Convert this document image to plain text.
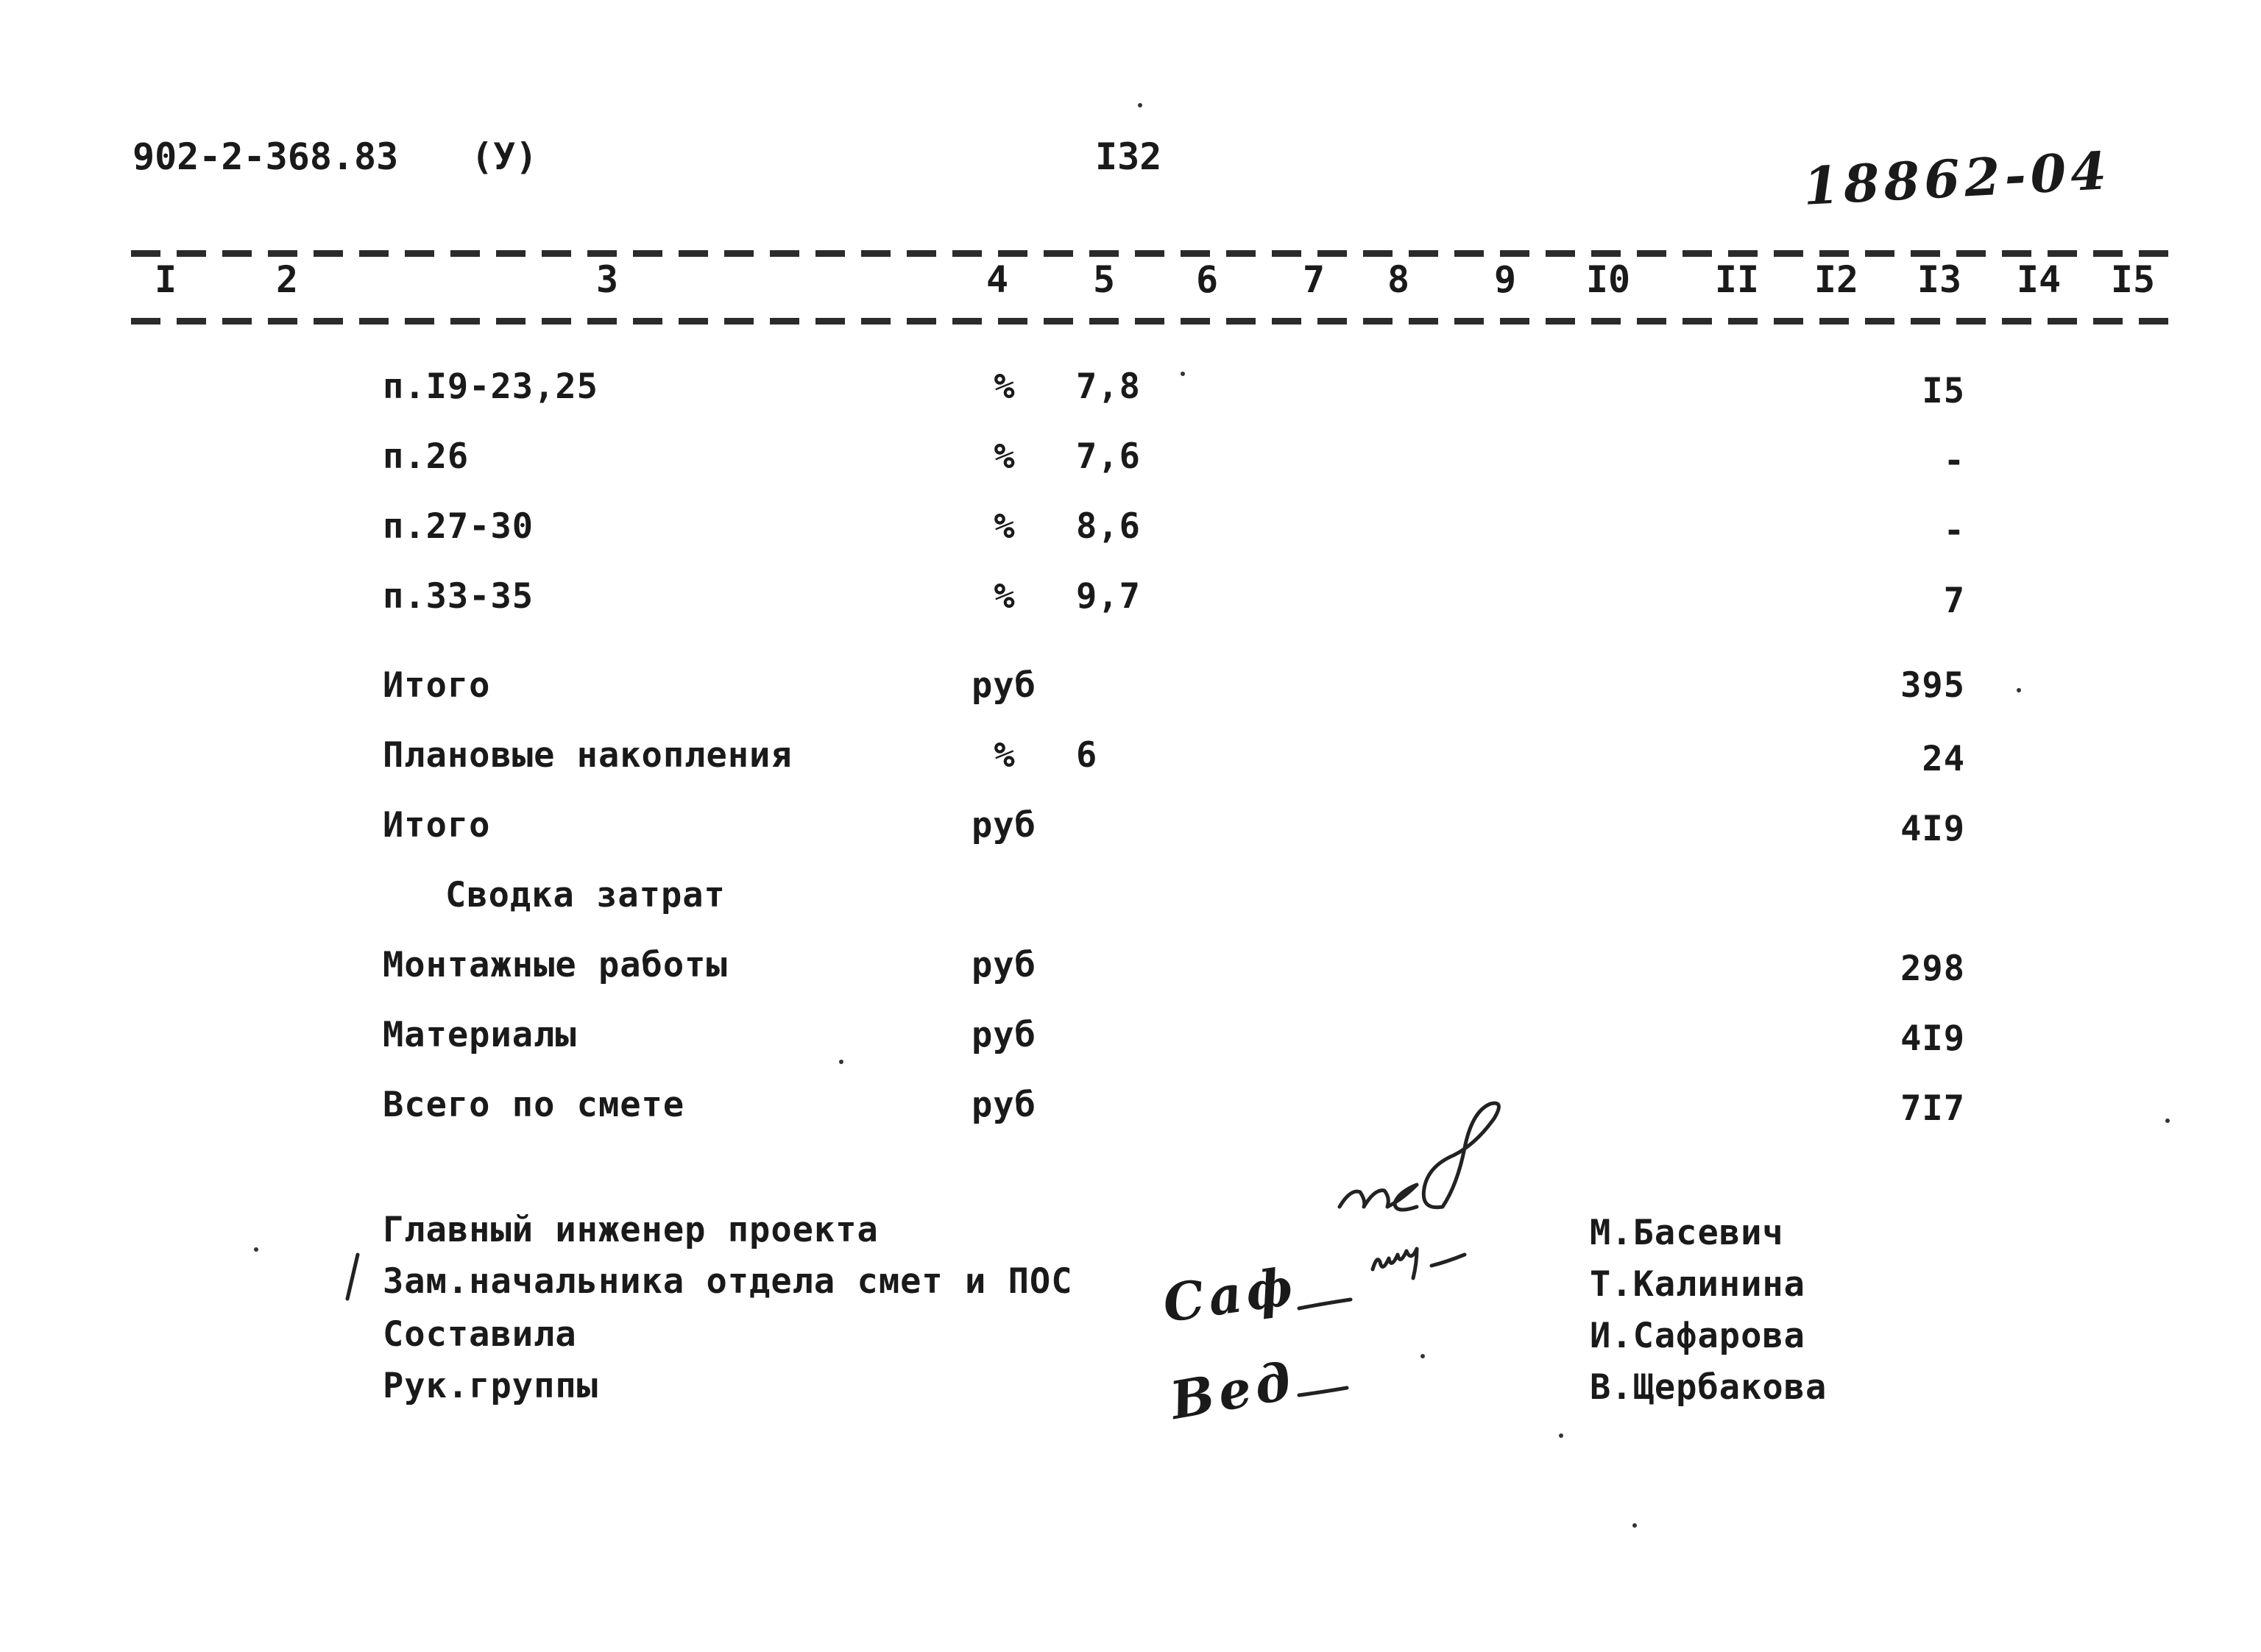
902-2-368.83 (У)	I32	18862-04
I	2	3	4	5	6	7	8	9	I0 II I2 I3 I4 I5
п.I9-23,25	%	7,8	I5
п.26	%	7,6	-
п.27-30	%	8,6	-
п.33-35	%	9,7	7
Итого	руб	395
Плановые накопления	%	6	24
Итого	руб	4I9
Сводка затрат
Монтажные работы	руб	298
Материалы	руб	4I9
Всего по смете	руб	7I7
Главный инженер проекта
Зам.начальника отдела смет и ПОС
Составила
Рук.группы
М.Басевич
Т.Калинина
И.Сафарова
В.Щербакова
Саф
Вед
